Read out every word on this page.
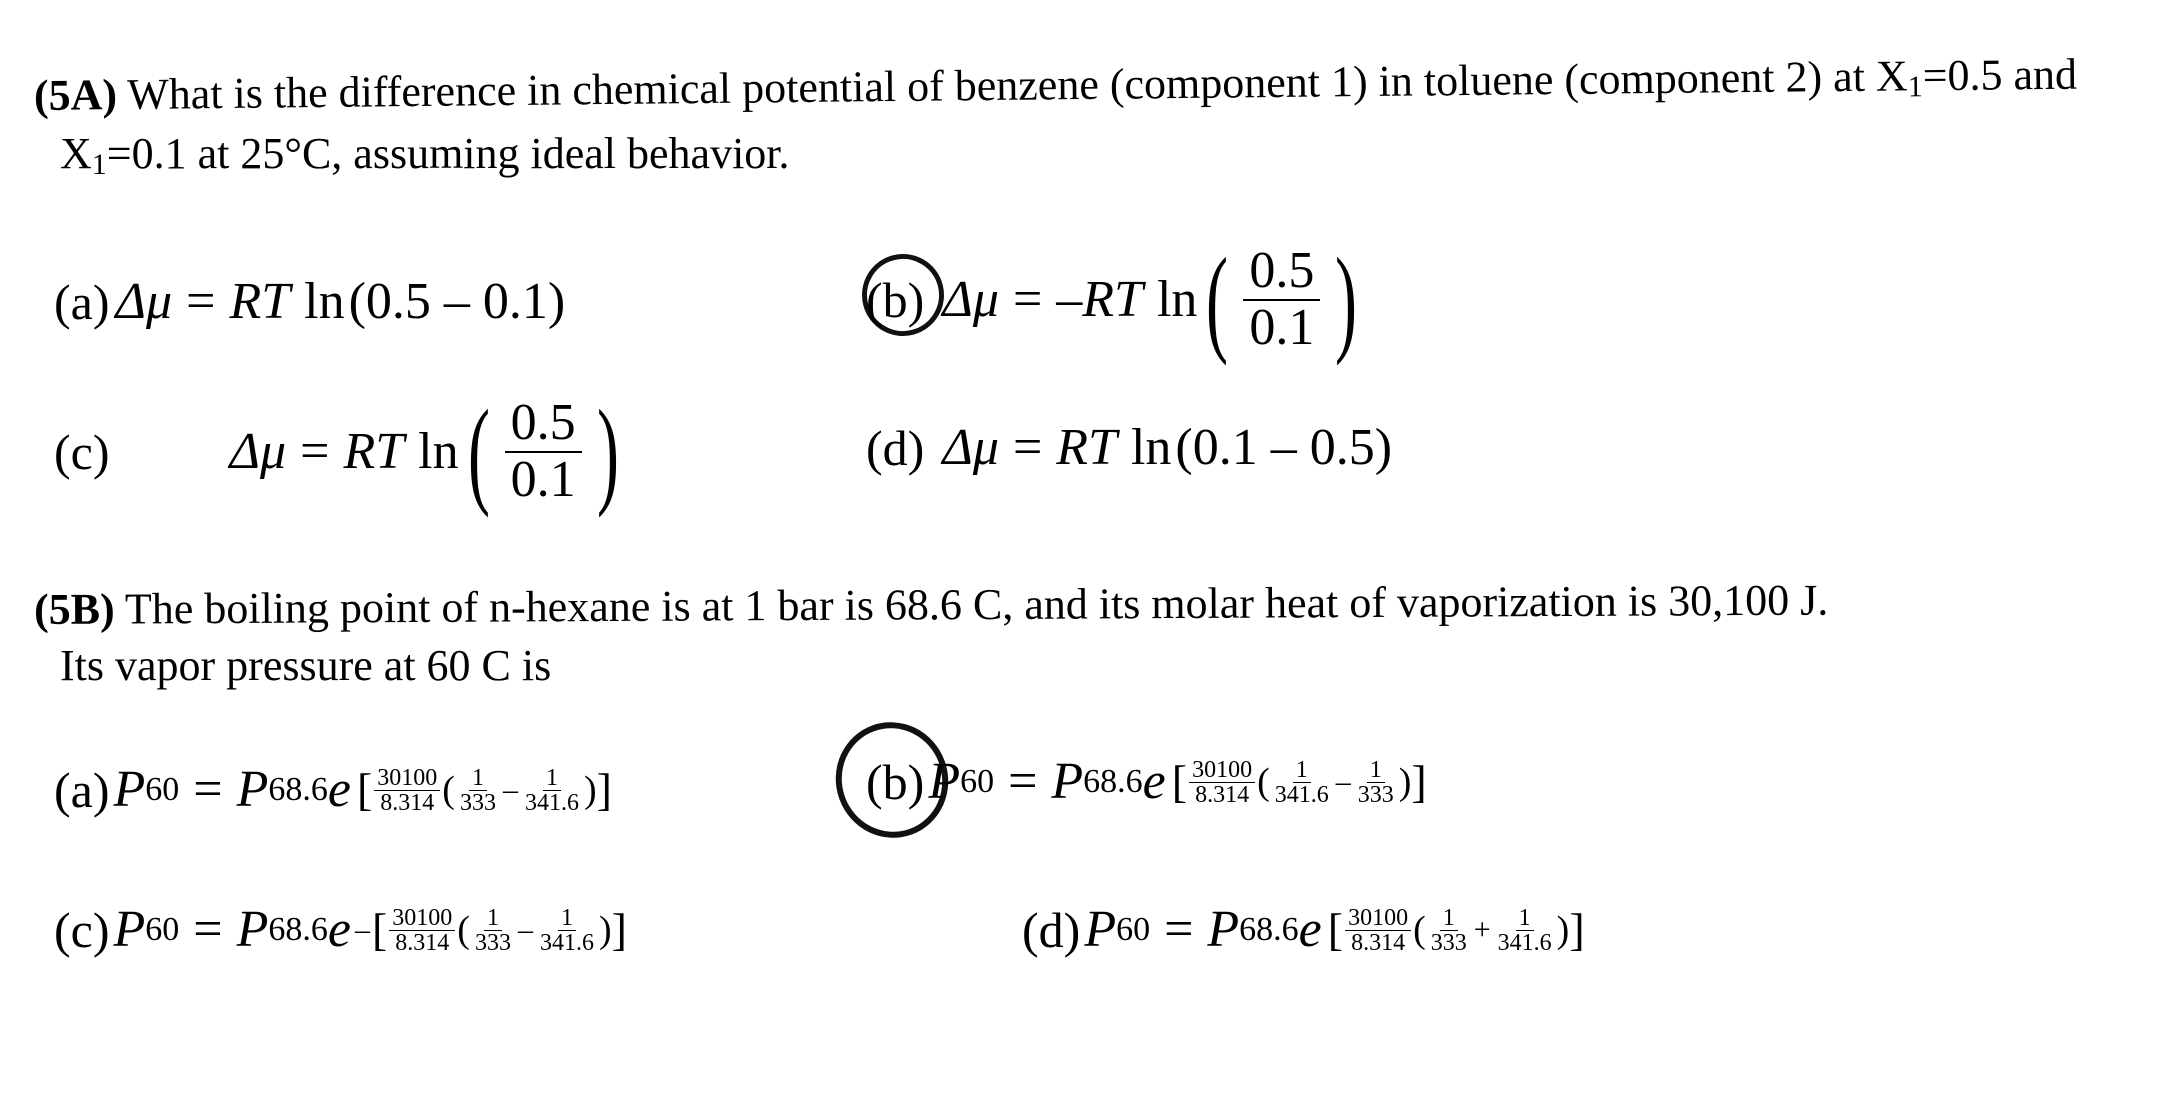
(5A) What is the difference in chemical potential of benzene (component 1) in toluene (component 2) at X1=0.5 and
X1=0.1 at 25°C, assuming ideal behavior.
(a) Δμ = RT ln (0.5 – 0.1)	(b) Δμ = – RT ln ( $\frac{0.5}{0.1}$ )
(c) Δμ = RT ln ( $\frac{0.5}{0.1}$ )	(d) Δμ = RT ln (0.1 – 0.5)
(5B) The boiling point of n-hexane is at 1 bar is 68.6 C, and its molar heat of vaporization is 30,100 J.
Its vapor pressure at 60 C is
(a) P 60 = P 68.6 e [ $\frac{30100}{8.314}$ ( $\frac{1}{333} - \frac{1}{341.6}$ ) ]	(b) P 60 = P 68.6 e [ $\frac{30100}{8.314}$ ( $\frac{1}{341.6} - \frac{1}{333}$ ) ]
(c) P 60 = P 68.6 e – [ $\frac{30100}{8.314}$ ( $\frac{1}{333} - \frac{1}{341.6}$ ) ]	(d) P 60 = P 68.6 e [ $\frac{30100}{8.314}$ ( $\frac{1}{333} + \frac{1}{341.6}$ ) ]
